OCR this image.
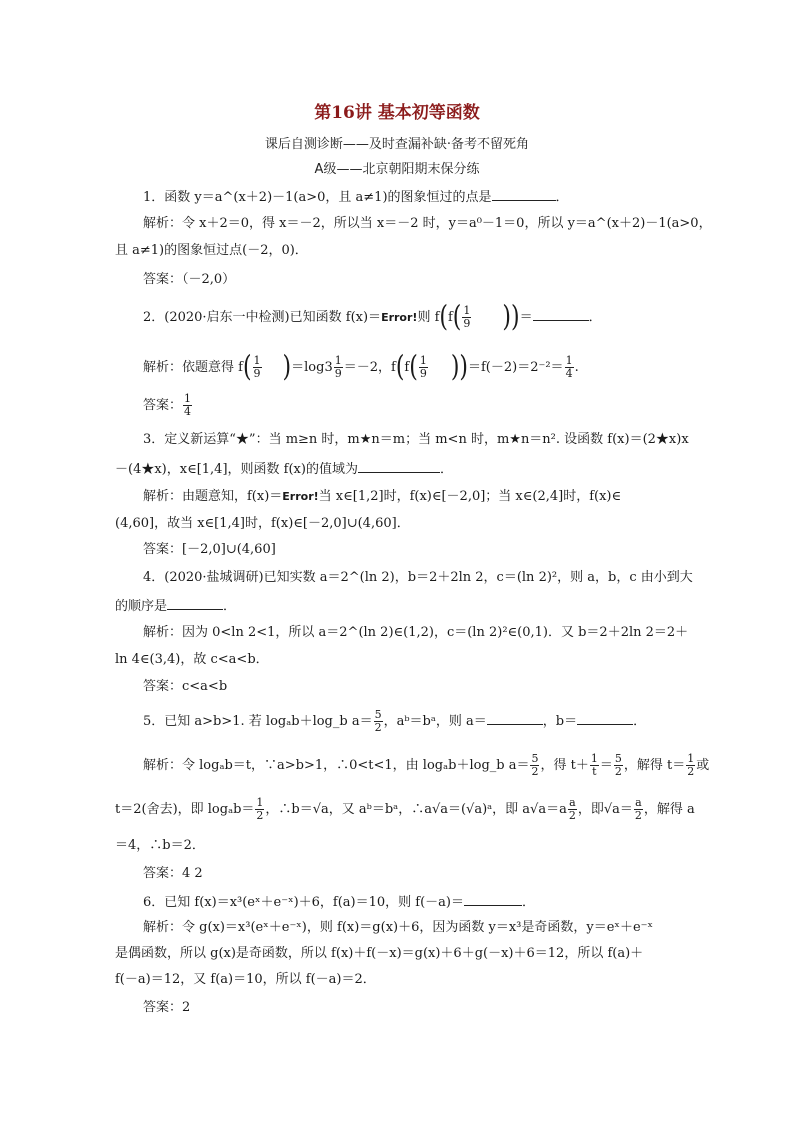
第16讲 基本初等函数
课后自测诊断——及时查漏补缺·备考不留死角
A级——北京朝阳期末保分练
1．函数 y＝a^(x＋2)－1(a>0，且 a≠1)的图象恒过的点是	．
解析：令 x＋2＝0，得 x＝－2，所以当 x＝－2 时，y＝a⁰－1＝0，所以 y＝a^(x＋2)－1(a>0，
且 a≠1)的图象恒过点(－2，0)．
答案：（－2,0）
2．(2020·启东一中检测)已知函数 f(x)＝Error!则 $f(f( \frac{1}{9}$ ))＝	．
解析：依题意得 $f( \frac{1}{9} )=\log 3 \frac{1}{9} =-2$，$f(f( \frac{1}{9} ))=f(-2)=2^{-2}= \frac{1}{4}$ .
答案： $\frac{1}{4}$
3．定义新运算“★”：当 m≥n 时，m★n＝m；当 m<n 时，m★n＝n². 设函数 f(x)＝(2★x)x
－(4★x)，x∈[1,4]，则函数 f(x)的值域为	．
解析：由题意知，f(x)＝Error!当 x∈[1,2]时，f(x)∈[－2,0]；当 x∈(2,4]时，f(x)∈
(4,60]，故当 x∈[1,4]时，f(x)∈[－2,0]∪(4,60]．
答案：[－2,0]∪(4,60]
4．(2020·盐城调研)已知实数 a＝2^(ln 2)，b＝2＋2ln 2，c＝(ln 2)²，则 a，b，c 由小到大
的顺序是	．
解析：因为 0<ln 2<1，所以 a＝2^(ln 2)∈(1,2)，c＝(ln 2)²∈(0,1)．又 b＝2＋2ln 2＝2＋
ln 4∈(3,4)，故 c<a<b．
答案：c<a<b
5．已知 a>b>1. 若 logₐb＋log_b $a= \frac{5}{2}$ ，aᵇ＝bᵃ，则 a＝	，b＝	．
解析：令 logₐb＝t，∵a>b>1，∴0<t<1，由 logₐb＋log_b $a= \frac{5}{2}$ ，得 $t+ \frac{1}{t} = \frac{5}{2}$ ，解得 $t= \frac{1}{2}$ 或
t＝2(舍去)，即 $\log_ab= \frac{1}{2}$ ，∴b＝√a，又 aᵇ＝bᵃ，∴a√a＝(√a)ᵃ，即 $a√a=a \frac{a}{2}$ ，即$√a= \frac{a}{2}$ ，解得 a
＝4，∴b＝2．
答案：4 2
6．已知 f(x)＝x³(eˣ＋e⁻ˣ)＋6，f(a)＝10，则 f(－a)＝	．
解析：令 g(x)＝x³(eˣ＋e⁻ˣ)，则 f(x)＝g(x)＋6，因为函数 y＝x³是奇函数，y＝eˣ＋e⁻ˣ
是偶函数，所以 g(x)是奇函数，所以 f(x)＋f(－x)＝g(x)＋6＋g(－x)＋6＝12，所以 f(a)＋
f(－a)＝12，又 f(a)＝10，所以 f(－a)＝2．
答案：2
